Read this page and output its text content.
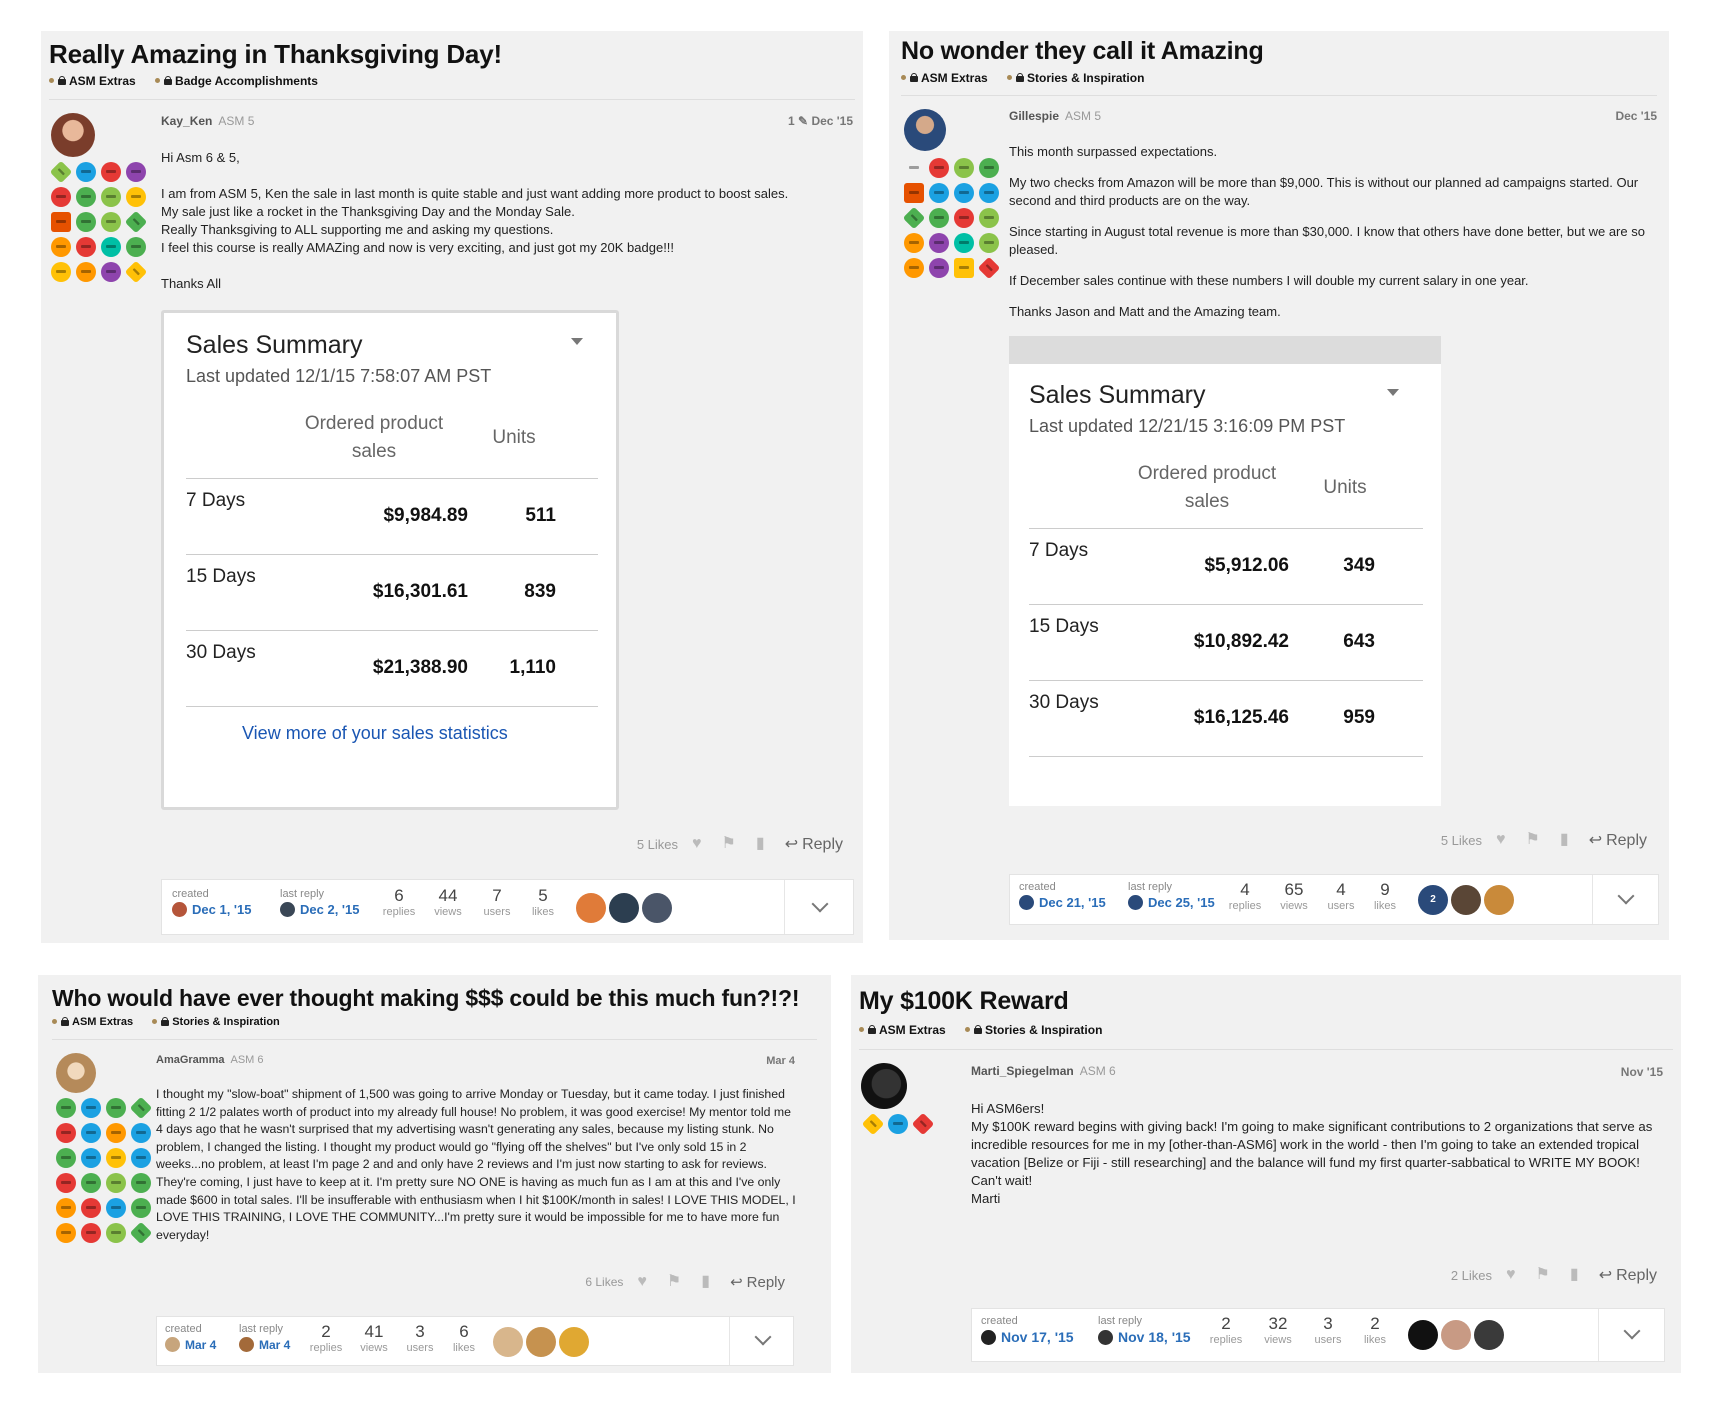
Really Amazing in Thanksgiving Day!
ASM Extras
	Badge Accomplishments
Kay_Ken ASM 5	1 ✎ Dec '15

Hi Asm 6 & 5,

I am from ASM 5, Ken the sale in last month is quite stable and just want adding more product to boost sales.

My sale just like a rocket in the Thanksgiving Day and the Monday Sale.

Really Thanksgiving to ALL supporting me and asking my questions.

I feel this course is really AMAZing and now is very exciting, and just got my 20K badge!!!

Thanks All

Sales Summary
Last updated 12/1/15 7:58:07 AM PST
Ordered product sales
Units
7 Days
$9,984.89	511
15 Days
$16,301.61	839
30 Days
$21,388.90 1,110
View more of your sales statistics
5 Likes ♥ ⚑ ▮	↩ Reply
created
Dec 1, '15
last reply
Dec 2, '15
6
replies
44
views
7
users
5
likes
No wonder they call it Amazing
ASM Extras
	Stories & Inspiration
Gillespie ASM 5	Dec '15

This month surpassed expectations.

My two checks from Amazon will be more than $9,000. This is without our planned ad campaigns started. Our second and third products are on the way.

Since starting in August total revenue is more than $30,000. I know that others have done better, but we are so pleased.

If December sales continue with these numbers I will double my current salary in one year.

Thanks Jason and Matt and the Amazing team.

Sales Summary
Last updated 12/21/15 3:16:09 PM PST
Ordered product sales
Units
7 Days
$5,912.06	349
15 Days
$10,892.42	643
30 Days
$16,125.46	959
5 Likes ♥ ⚑ ▮	↩ Reply
created
Dec 21, '15
last reply
Dec 25, '15
4
replies
65
views
4
users
9
likes
2
Who would have ever thought making $$$ could be this much fun?!?!
ASM Extras
	Stories & Inspiration
AmaGramma ASM 6	Mar 4

I thought my "slow-boat" shipment of 1,500 was going to arrive Monday or Tuesday, but it came today. I just finished fitting 2 1/2 palates worth of product into my already full house! No problem, it was good exercise! My mentor told me 4 days ago that he wasn't surprised that my advertising wasn't generating any sales, because my listing stunk. No problem, I changed the listing. I thought my product would go "flying off the shelves" but I've only sold 15 in 2 weeks...no problem, at least I'm page 2 and and only have 2 reviews and I'm just now starting to ask for reviews. They're coming, I just have to keep at it. I'm pretty sure NO ONE is having as much fun as I am at this and I've only made $600 in total sales. I'll be insufferable with enthusiasm when I hit $100K/month in sales! I LOVE THIS MODEL, I LOVE THIS TRAINING, I LOVE THE COMMUNITY...I'm pretty sure it would be impossible for me to have more fun everyday!

6 Likes ♥ ⚑ ▮	↩ Reply
created
Mar 4
last reply
Mar 4
2
replies
41
views
3
users
6
likes
My $100K Reward
ASM Extras
	Stories & Inspiration
Marti_Spiegelman ASM 6	Nov '15

Hi ASM6ers!

My $100K reward begins with giving back! I'm going to make significant contributions to 2 organizations that serve as incredible resources for me in my [other-than-ASM6] work in the world - then I'm going to take an extended tropical vacation [Belize or Fiji - still researching] and the balance will fund my first quarter-sabbatical to WRITE MY BOOK!

Can't wait!

Marti

2 Likes ♥ ⚑ ▮	↩ Reply
created
Nov 17, '15
last reply
Nov 18, '15
2
replies
32
views
3
users
2
likes
